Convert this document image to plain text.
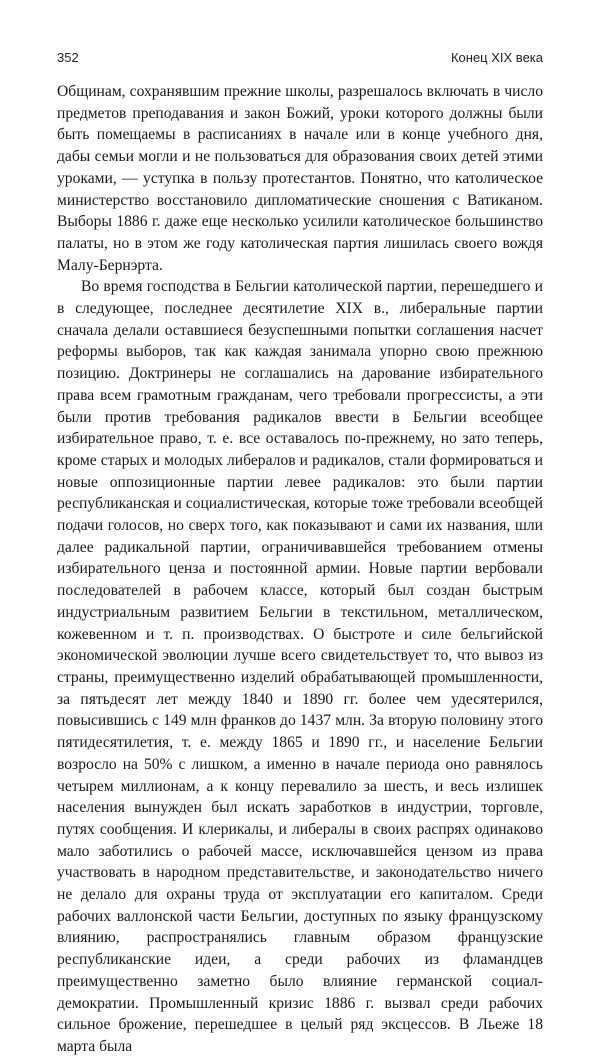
352	Конец XIX века

Общинам, сохранявшим прежние школы, разрешалось включать в число предметов преподавания и закон Божий, уроки которого должны были быть помещаемы в расписаниях в начале или в конце учебного дня, дабы семьи могли и не пользоваться для образования своих детей этими уроками, — уступка в пользу протестантов. Понятно, что католическое министерство восстановило дипломатические сношения с Ватиканом. Выборы 1886 г. даже еще несколько усилили католическое большинство палаты, но в этом же году католическая партия лишилась своего вождя Малу-Бернэрта.

Во время господства в Бельгии католической партии, перешедшего и в следующее, последнее десятилетие XIX в., либеральные партии сначала делали оставшиеся безуспешными попытки соглашения насчет реформы выборов, так как каждая занимала упорно свою прежнюю позицию. Доктринеры не соглашались на дарование избирательного права всем грамотным гражданам, чего требовали прогрессисты, а эти были против требования радикалов ввести в Бельгии всеобщее избирательное право, т. е. все оставалось по-прежнему, но зато теперь, кроме старых и молодых либералов и радикалов, стали формироваться и новые оппозиционные партии левее радикалов: это были партии республиканская и социалистическая, которые тоже требовали всеобщей подачи голосов, но сверх того, как показывают и сами их названия, шли далее радикальной партии, ограничивавшейся требованием отмены избирательного ценза и постоянной армии. Новые партии вербовали последователей в рабочем классе, который был создан быстрым индустриальным развитием Бельгии в текстильном, металлическом, кожевенном и т. п. производствах. О быстроте и силе бельгийской экономической эволюции лучше всего свидетельствует то, что вывоз из страны, преимущественно изделий обрабатывающей промышленности, за пятьдесят лет между 1840 и 1890 гг. более чем удесятерился, повысившись с 149 млн франков до 1437 млн. За вторую половину этого пятидесятилетия, т. е. между 1865 и 1890 гг., и население Бельгии возросло на 50% с лишком, а именно в начале периода оно равнялось четырем миллионам, а к концу перевалило за шесть, и весь излишек населения вынужден был искать заработков в индустрии, торговле, путях сообщения. И клерикалы, и либералы в своих распрях одинаково мало заботились о рабочей массе, исключавшейся цензом из права участвовать в народном представительстве, и законодательство ничего не делало для охраны труда от эксплуатации его капиталом. Среди рабочих валлонской части Бельгии, доступных по языку французскому влиянию, распространялись главным образом французские республиканские идеи, а среди рабочих из фламандцев преимущественно заметно было влияние германской социал-демократии. Промышленный кризис 1886 г. вызвал среди рабочих сильное брожение, перешедшее в целый ряд эксцессов. В Льеже 18 марта была
